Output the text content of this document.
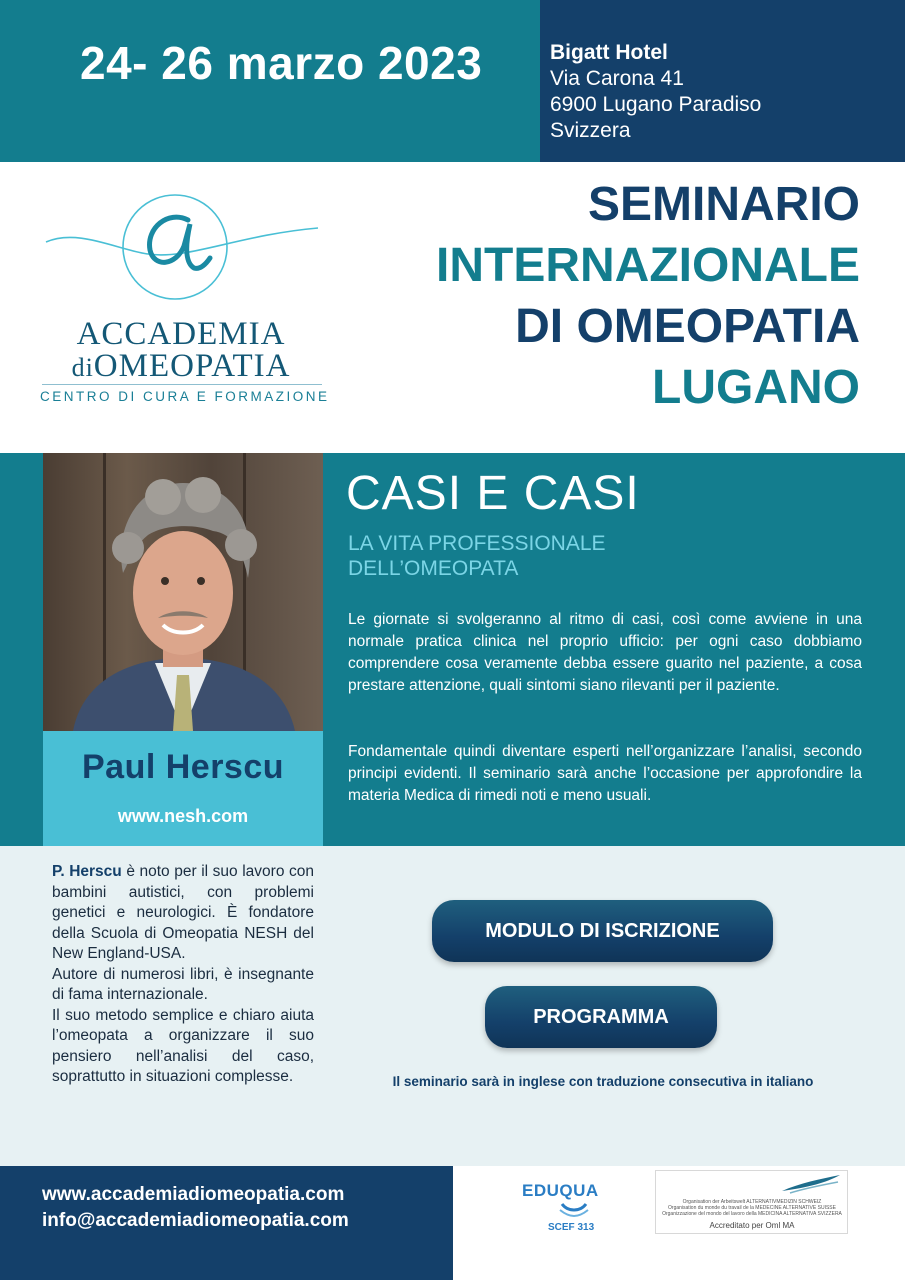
24- 26 marzo 2023	Bigatt Hotel
Via Carona 41
6900 Lugano Paradiso
Svizzera
ACCADEMIA
diOMEOPATIA
CENTRO DI CURA E FORMAZIONE
SEMINARIO
INTERNAZIONALE
DI OMEOPATIA
LUGANO
Paul Herscu
www.nesh.com
CASI E CASI
LA VITA PROFESSIONALE
DELL’OMEOPATA
Le giornate si svolgeranno al ritmo di casi, così come avviene in una normale pratica clinica nel proprio ufficio: per ogni caso dobbiamo comprendere cosa veramente debba essere guarito nel paziente, a cosa prestare attenzione, quali sintomi siano rilevanti per il paziente.
Fondamentale quindi diventare esperti nell’organizzare l’analisi, secondo principi evidenti. Il seminario sarà anche l’occasione per approfondire la materia Medica di rimedi noti e meno usuali.
P. Herscu è noto per il suo lavoro con bambini autistici, con problemi genetici e neurologici. È fondatore della Scuola di Omeopatia NESH del New England-USA.
Autore di numerosi libri, è insegnante di fama internazionale.
Il suo metodo semplice e chiaro aiuta l’omeopata a organizzare il suo pensiero nell’analisi del caso, soprattutto in situazioni complesse.
MODULO DI ISCRIZIONE
PROGRAMMA
Il seminario sarà in inglese con traduzione consecutiva in italiano
www.accademiadiomeopatia.com
info@accademiadiomeopatia.com
EDUQUA
SCEF 313
Organisation der Arbeitswelt ALTERNATIVMEDIZIN SCHWEIZ
Organisation du monde du travail de la MÉDECINE ALTERNATIVE SUISSE
Organizzazione del mondo del lavoro della MEDICINA ALTERNATIVA SVIZZERA
Accreditato per Oml MA
